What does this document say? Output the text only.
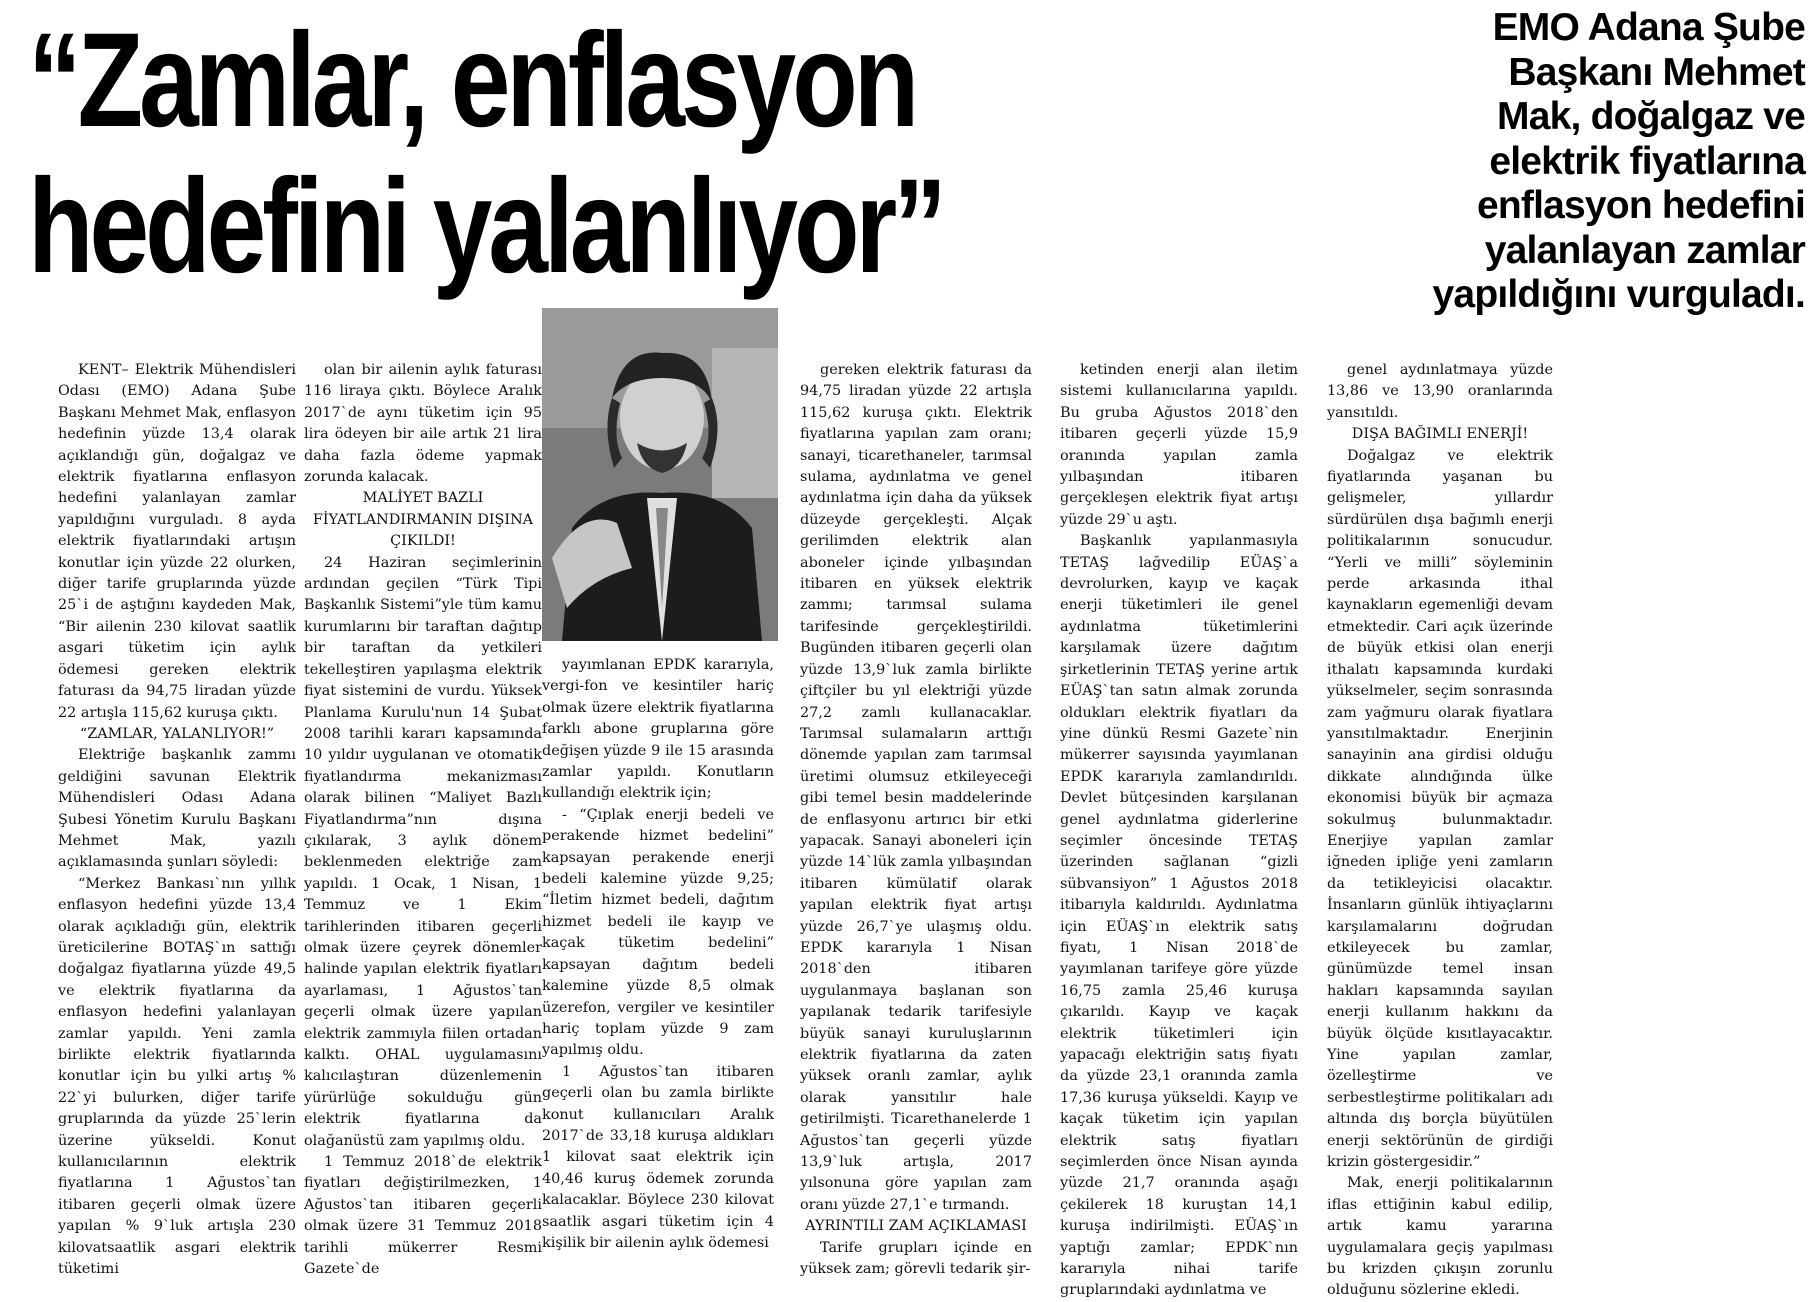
“Zamlar, enflasyon
hedefini yalanlıyor”

EMO Adana Şube Başkanı Mehmet Mak, doğalgaz ve elektrik fiyatlarına enflasyon hedefini yalanlayan zamlar yapıldığını vurguladı.

KENT– Elektrik Mühendisleri Odası (EMO) Adana Şube Başkanı Mehmet Mak, enflasyon hedefinin yüzde 13,4 olarak açıklandığı gün, doğalgaz ve elektrik fiyatlarına enflasyon hedefini yalanlayan zamlar yapıldığını vurguladı. 8 ayda elektrik fiyatlarındaki artışın konutlar için yüzde 22 olurken, diğer tarife gruplarında yüzde 25`i de aştığını kaydeden Mak, “Bir ailenin 230 kilovat saatlik asgari tüketim için aylık ödemesi gereken elektrik faturası da 94,75 liradan yüzde 22 artışla 115,62 kuruşa çıktı.

“ZAMLAR, YALANLIYOR!”

Elektriğe başkanlık zammı geldiğini savunan Elektrik Mühendisleri Odası Adana Şubesi Yönetim Kurulu Başkanı Mehmet Mak, yazılı açıklamasında şunları söyledi:

“Merkez Bankası`nın yıllık enflasyon hedefini yüzde 13,4 olarak açıkladığı gün, elektrik üreticilerine BOTAŞ`ın sattığı doğalgaz fiyatlarına yüzde 49,5 ve elektrik fiyatlarına da enflasyon hedefini yalanlayan zamlar yapıldı. Yeni zamla birlikte elektrik fiyatlarında konutlar için bu yılki artış % 22`yi bulurken, diğer tarife gruplarında da yüzde 25`lerin üzerine yükseldi. Konut kullanıcılarının elektrik fiyatlarına 1 Ağustos`tan itibaren geçerli olmak üzere yapılan % 9`luk artışla 230 kilovatsaatlik asgari elektrik tüketimi

olan bir ailenin aylık faturası 116 liraya çıktı. Böylece Aralık 2017`de aynı tüketim için 95 lira ödeyen bir aile artık 21 lira daha fazla ödeme yapmak zorunda kalacak.

MALİYET BAZLI FİYATLANDIRMANIN DIŞINA ÇIKILDI!

24 Haziran seçimlerinin ardından geçilen “Türk Tipi Başkanlık Sistemi”yle tüm kamu kurumlarını bir taraftan dağıtıp bir taraftan da yetkileri tekelleştiren yapılaşma elektrik fiyat sistemini de vurdu. Yüksek Planlama Kurulu'nun 14 Şubat 2008 tarihli kararı kapsamında 10 yıldır uygulanan ve otomatik fiyatlandırma mekanizması olarak bilinen “Maliyet Bazlı Fiyatlandırma”nın dışına çıkılarak, 3 aylık dönem beklenmeden elektriğe zam yapıldı. 1 Ocak, 1 Nisan, 1 Temmuz ve 1 Ekim tarihlerinden itibaren geçerli olmak üzere çeyrek dönemler halinde yapılan elektrik fiyatları ayarlaması, 1 Ağustos`tan geçerli olmak üzere yapılan elektrik zammıyla fiilen ortadan kalktı. OHAL uygulamasını kalıcılaştıran düzenlemenin yürürlüğe sokulduğu gün elektrik fiyatlarına da olağanüstü zam yapılmış oldu.

1 Temmuz 2018`de elektrik fiyatları değiştirilmezken, 1 Ağustos`tan itibaren geçerli olmak üzere 31 Temmuz 2018 tarihli mükerrer Resmi Gazete`de

yayımlanan EPDK kararıyla, vergi-fon ve kesintiler hariç olmak üzere elektrik fiyatlarına farklı abone gruplarına göre değişen yüzde 9 ile 15 arasında zamlar yapıldı. Konutların kullandığı elektrik için;

- “Çıplak enerji bedeli ve perakende hizmet bedelini” kapsayan perakende enerji bedeli kalemine yüzde 9,25; “İletim hizmet bedeli, dağıtım hizmet bedeli ile kayıp ve kaçak tüketim bedelini” kapsayan dağıtım bedeli kalemine yüzde 8,5 olmak üzerefon, vergiler ve kesintiler hariç toplam yüzde 9 zam yapılmış oldu.

1 Ağustos`tan itibaren geçerli olan bu zamla birlikte konut kullanıcıları Aralık 2017`de 33,18 kuruşa aldıkları 1 kilovat saat elektrik için 40,46 kuruş ödemek zorunda kalacaklar. Böylece 230 kilovat saatlik asgari tüketim için 4 kişilik bir ailenin aylık ödemesi

gereken elektrik faturası da 94,75 liradan yüzde 22 artışla 115,62 kuruşa çıktı. Elektrik fiyatlarına yapılan zam oranı; sanayi, ticarethaneler, tarımsal sulama, aydınlatma ve genel aydınlatma için daha da yüksek düzeyde gerçekleşti. Alçak gerilimden elektrik alan aboneler içinde yılbaşından itibaren en yüksek elektrik zammı; tarımsal sulama tarifesinde gerçekleştirildi. Bugünden itibaren geçerli olan yüzde 13,9`luk zamla birlikte çiftçiler bu yıl elektriği yüzde 27,2 zamlı kullanacaklar. Tarımsal sulamaların arttığı dönemde yapılan zam tarımsal üretimi olumsuz etkileyeceği gibi temel besin maddelerinde de enflasyonu artırıcı bir etki yapacak. Sanayi aboneleri için yüzde 14`lük zamla yılbaşından itibaren kümülatif olarak yapılan elektrik fiyat artışı yüzde 26,7`ye ulaşmış oldu. EPDK kararıyla 1 Nisan 2018`den itibaren uygulanmaya başlanan son yapılanak tedarik tarifesiyle büyük sanayi kuruluşlarının elektrik fiyatlarına da zaten yüksek oranlı zamlar, aylık olarak yansıtılır hale getirilmişti. Ticarethanelerde 1 Ağustos`tan geçerli yüzde 13,9`luk artışla, 2017 yılsonuna göre yapılan zam oranı yüzde 27,1`e tırmandı.

AYRINTILI ZAM AÇIKLAMASI

Tarife grupları içinde en yüksek zam; görevli tedarik şir-

ketinden enerji alan iletim sistemi kullanıcılarına yapıldı. Bu gruba Ağustos 2018`den itibaren geçerli yüzde 15,9 oranında yapılan zamla yılbaşından itibaren gerçekleşen elektrik fiyat artışı yüzde 29`u aştı.

Başkanlık yapılanmasıyla TETAŞ lağvedilip EÜAŞ`a devrolurken, kayıp ve kaçak enerji tüketimleri ile genel aydınlatma tüketimlerini karşılamak üzere dağıtım şirketlerinin TETAŞ yerine artık EÜAŞ`tan satın almak zorunda oldukları elektrik fiyatları da yine dünkü Resmi Gazete`nin mükerrer sayısında yayımlanan EPDK kararıyla zamlandırıldı. Devlet bütçesinden karşılanan genel aydınlatma giderlerine seçimler öncesinde TETAŞ üzerinden sağlanan “gizli sübvansiyon” 1 Ağustos 2018 itibarıyla kaldırıldı. Aydınlatma için EÜAŞ`ın elektrik satış fiyatı, 1 Nisan 2018`de yayımlanan tarifeye göre yüzde 16,75 zamla 25,46 kuruşa çıkarıldı. Kayıp ve kaçak elektrik tüketimleri için yapacağı elektriğin satış fiyatı da yüzde 23,1 oranında zamla 17,36 kuruşa yükseldi. Kayıp ve kaçak tüketim için yapılan elektrik satış fiyatları seçimlerden önce Nisan ayında yüzde 21,7 oranında aşağı çekilerek 18 kuruştan 14,1 kuruşa indirilmişti. EÜAŞ`ın yaptığı zamlar; EPDK`nın kararıyla nihai tarife gruplarındaki aydınlatma ve

genel aydınlatmaya yüzde 13,86 ve 13,90 oranlarında yansıtıldı.

DIŞA BAĞIMLI ENERJİ!

Doğalgaz ve elektrik fiyatlarında yaşanan bu gelişmeler, yıllardır sürdürülen dışa bağımlı enerji politikalarının sonucudur. “Yerli ve milli” söyleminin perde arkasında ithal kaynakların egemenliği devam etmektedir. Cari açık üzerinde de büyük etkisi olan enerji ithalatı kapsamında kurdaki yükselmeler, seçim sonrasında zam yağmuru olarak fiyatlara yansıtılmaktadır. Enerjinin sanayinin ana girdisi olduğu dikkate alındığında ülke ekonomisi büyük bir açmaza sokulmuş bulunmaktadır. Enerjiye yapılan zamlar iğneden ipliğe yeni zamların da tetikleyicisi olacaktır. İnsanların günlük ihtiyaçlarını karşılamalarını doğrudan etkileyecek bu zamlar, günümüzde temel insan hakları kapsamında sayılan enerji kullanım hakkını da büyük ölçüde kısıtlayacaktır. Yine yapılan zamlar, özelleştirme ve serbestleştirme politikaları adı altında dış borçla büyütülen enerji sektörünün de girdiği krizin göstergesidir.”

Mak, enerji politikalarının iflas ettiğinin kabul edilip, artık kamu yararına uygulamalara geçiş yapılması bu krizden çıkışın zorunlu olduğunu sözlerine ekledi.
